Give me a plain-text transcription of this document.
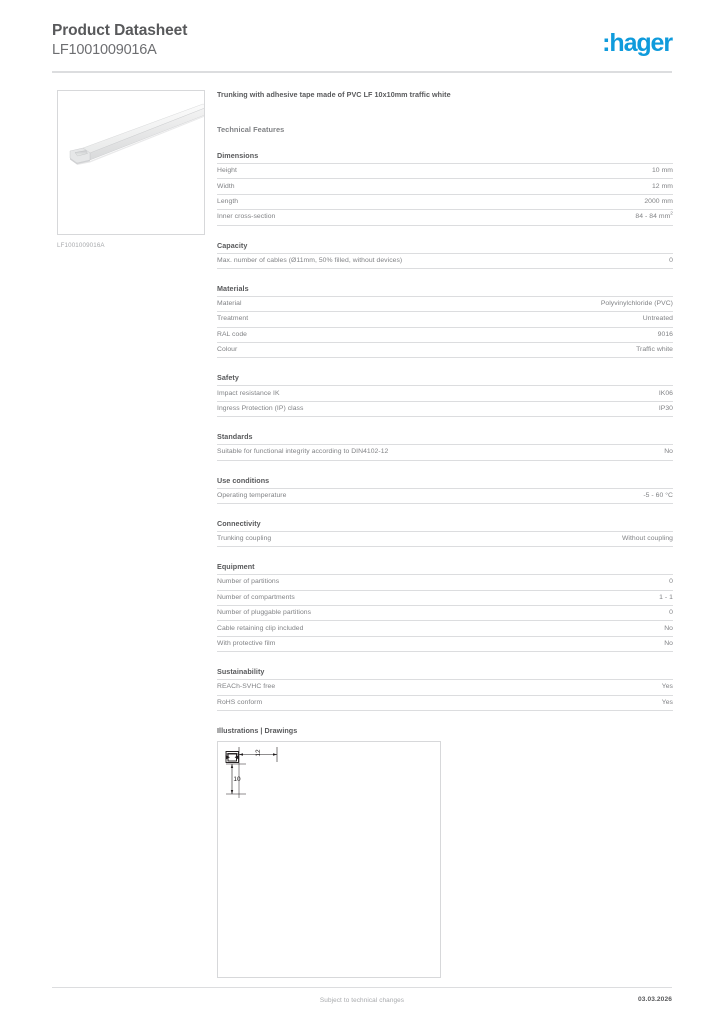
Product Datasheet
LF1001009016A	:hager
LF1001009016A
Trunking with adhesive tape made of PVC LF 10x10mm traffic white
Technical Features
Dimensions
Height	10 mm
Width	12 mm
Length	2000 mm
Inner cross-section	84 - 84 $mm^2$
Capacity
Max. number of cables (Ø11mm, 50% filled, without devices)	0
Materials
Material	Polyvinylchloride (PVC)
Treatment	Untreated
RAL code	9016
Colour	Traffic white
Safety
Impact resistance IK	IK06
Ingress Protection (IP) class	IP30
Standards
Suitable for functional integrity according to DIN4102-12	No
Use conditions
Operating temperature	-5 - 60 °C
Connectivity
Trunking coupling	Without coupling
Equipment
Number of partitions	0
Number of compartments	1 - 1
Number of pluggable partitions	0
Cable retaining clip included	No
With protective film	No
Sustainability
REACh-SVHC free	Yes
RoHS conform	Yes
Illustrations | Drawings
12
10
Subject to technical changes	03.03.2026
